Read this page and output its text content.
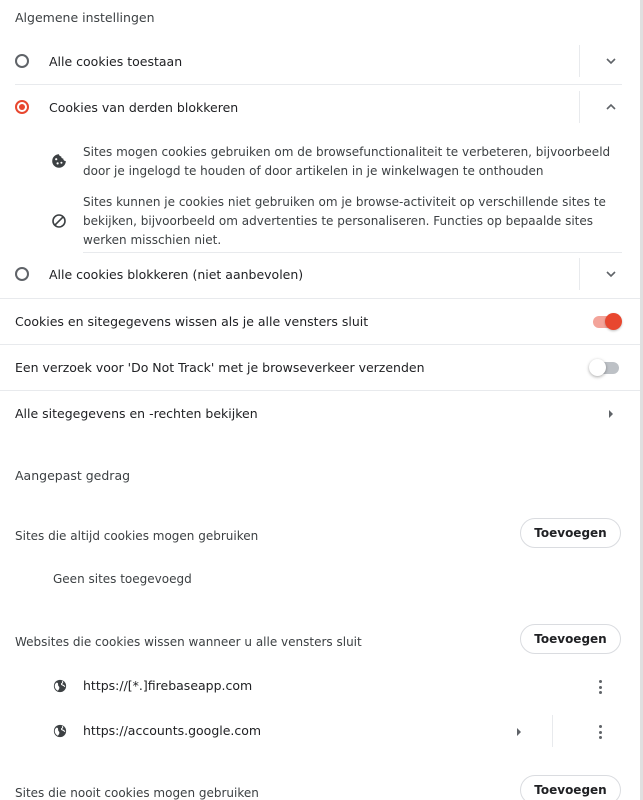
Algemene instellingen
Alle cookies toestaan
Cookies van derden blokkeren
Sites mogen cookies gebruiken om de browsefunctionaliteit te verbeteren, bijvoorbeeld door je ingelogd te houden of door artikelen in je winkelwagen te onthouden
Sites kunnen je cookies niet gebruiken om je browse-activiteit op verschillende sites te bekijken, bijvoorbeeld om advertenties te personaliseren. Functies op bepaalde sites werken misschien niet.
Alle cookies blokkeren (niet aanbevolen)
Cookies en sitegegevens wissen als je alle vensters sluit
Een verzoek voor 'Do Not Track' met je browseverkeer verzenden
Alle sitegegevens en -rechten bekijken
Aangepast gedrag
Sites die altijd cookies mogen gebruiken	Toevoegen
Geen sites toegevoegd
Websites die cookies wissen wanneer u alle vensters sluit	Toevoegen
https://[*.]firebaseapp.com
https://accounts.google.com
Sites die nooit cookies mogen gebruiken	Toevoegen
